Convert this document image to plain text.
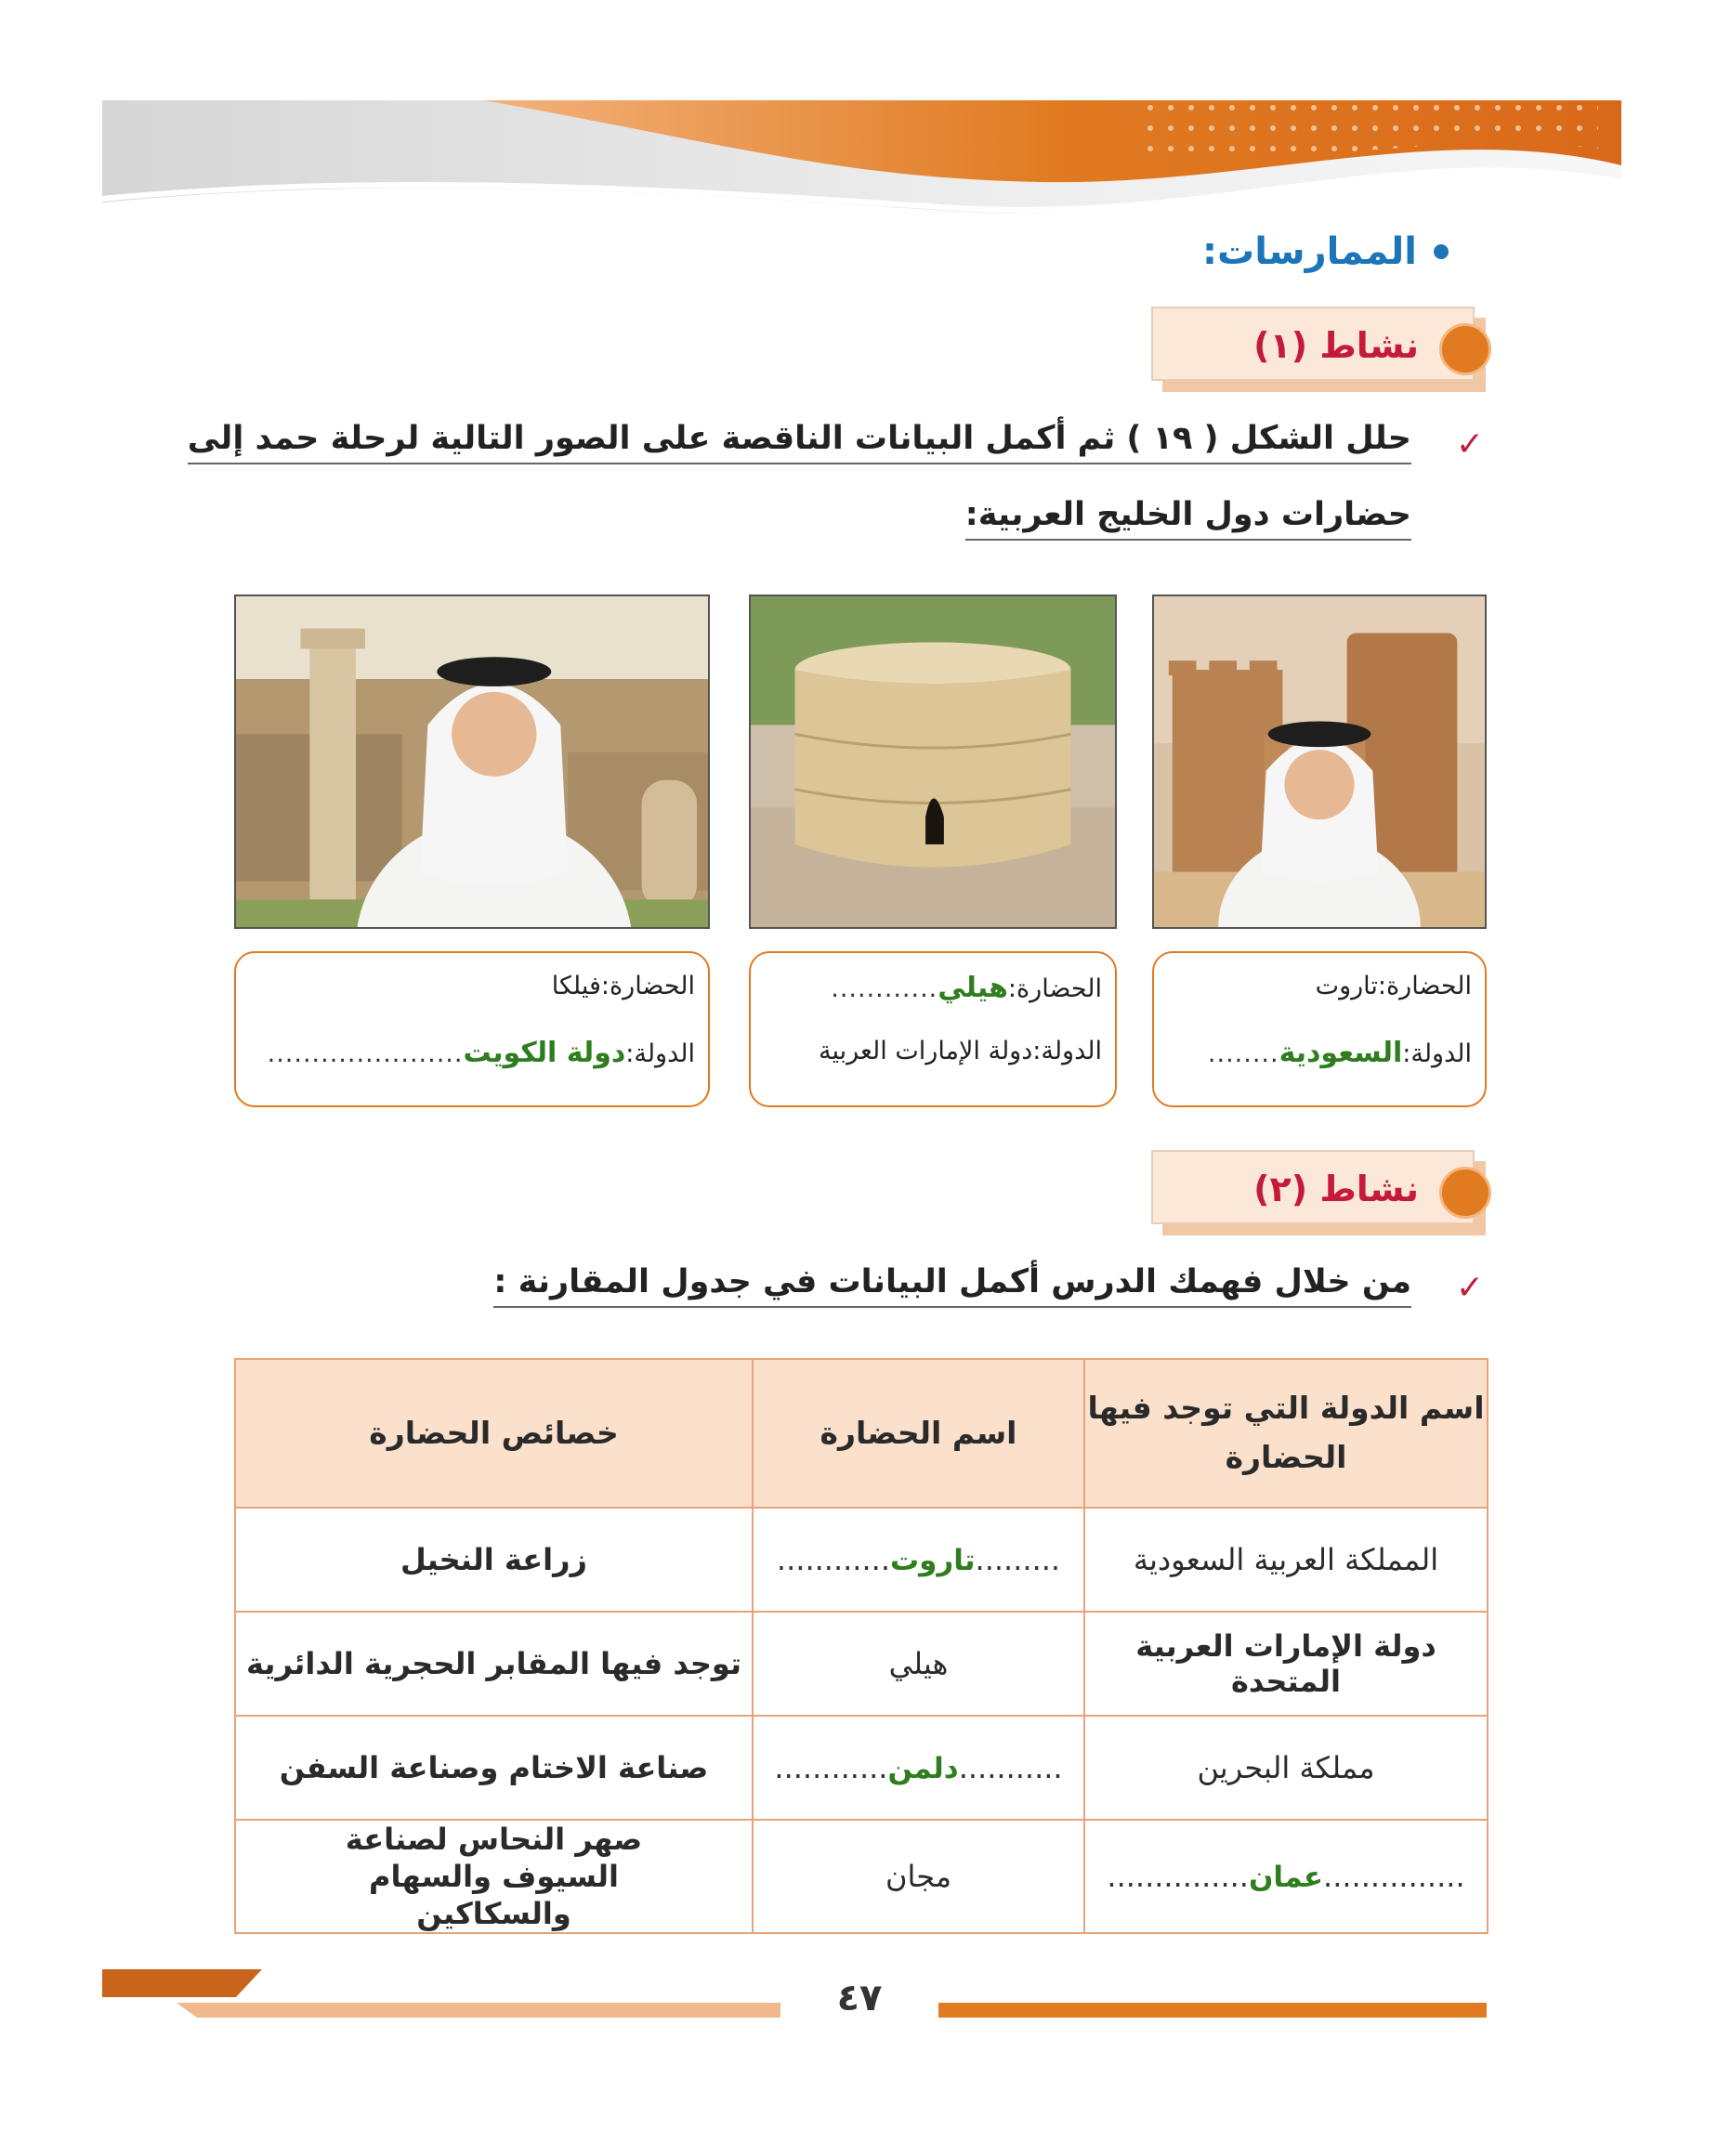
الممارسات:
نشاط (١)
✓
حلل الشكل ( ١٩ ) ثم أكمل البيانات الناقصة على الصور التالية لرحلة حمد إلى
حضارات دول الخليج العربية:
الحضارة:
تاروت
الدولة:
السعودية
........
الحضارة:
هيلي
............
الدولة:
دولة الإمارات العربية
الحضارة:
فيلكا
الدولة:
دولة الكويت
......................
نشاط (٢)
✓
من خلال فهمك الدرس أكمل البيانات في جدول المقارنة :
اسم الدولة التي توجد فيها الحضارة	اسم الحضارة	خصائص الحضارة
المملكة العربية السعودية	.........تاروت............	زراعة النخيل
دولة الإمارات العربية المتحدة	هيلي	توجد فيها المقابر الحجرية الدائرية
مملكة البحرين	...........دلمن............	صناعة الاختام وصناعة السفن
...............عمان...............	مجان	صهر النحاس لصناعة السيوف والسهام والسكاكين
٤٧
